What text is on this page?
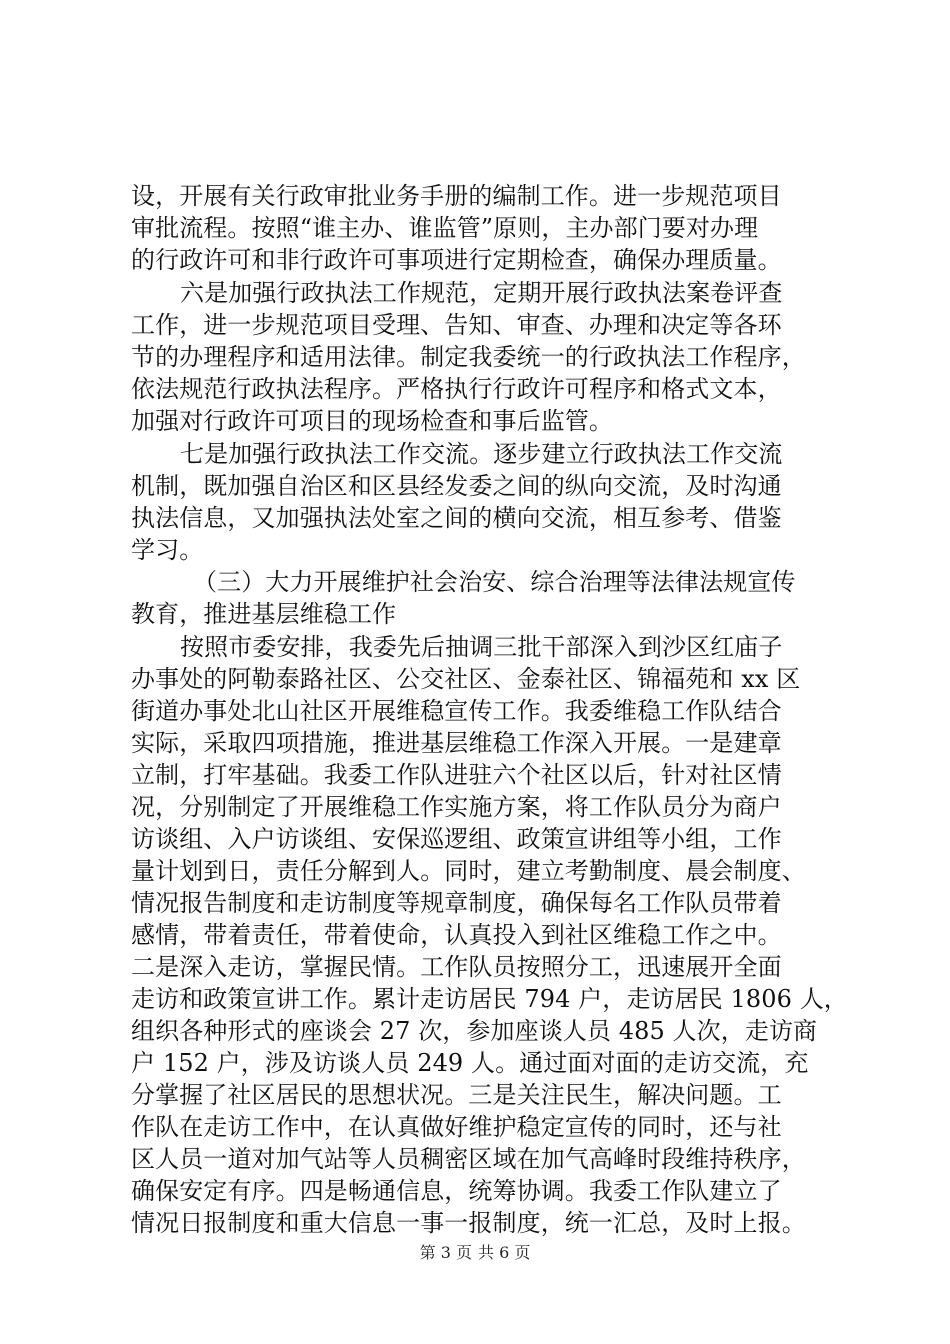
设，开展有关行政审批业务手册的编制工作。进一步规范项目
审批流程。按照“谁主办、谁监管”原则，主办部门要对办理
的行政许可和非行政许可事项进行定期检查，确保办理质量。
六是加强行政执法工作规范，定期开展行政执法案卷评查
工作，进一步规范项目受理、告知、审查、办理和决定等各环
节的办理程序和适用法律。制定我委统一的行政执法工作程序，
依法规范行政执法程序。严格执行行政许可程序和格式文本，
加强对行政许可项目的现场检查和事后监管。
七是加强行政执法工作交流。逐步建立行政执法工作交流
机制，既加强自治区和区县经发委之间的纵向交流，及时沟通
执法信息，又加强执法处室之间的横向交流，相互参考、借鉴
学习。
（三）大力开展维护社会治安、综合治理等法律法规宣传
教育，推进基层维稳工作
按照市委安排，我委先后抽调三批干部深入到沙区红庙子
办事处的阿勒泰路社区、公交社区、金泰社区、锦福苑和 xx 区
街道办事处北山社区开展维稳宣传工作。我委维稳工作队结合
实际，采取四项措施，推进基层维稳工作深入开展。一是建章
立制，打牢基础。我委工作队进驻六个社区以后，针对社区情
况，分别制定了开展维稳工作实施方案，将工作队员分为商户
访谈组、入户访谈组、安保巡逻组、政策宣讲组等小组，工作
量计划到日，责任分解到人。同时，建立考勤制度、晨会制度、
情况报告制度和走访制度等规章制度，确保每名工作队员带着
感情，带着责任，带着使命，认真投入到社区维稳工作之中。
二是深入走访，掌握民情。工作队员按照分工，迅速展开全面
走访和政策宣讲工作。累计走访居民 794 户，走访居民 1806 人，
组织各种形式的座谈会 27 次，参加座谈人员 485 人次，走访商
户 152 户，涉及访谈人员 249 人。通过面对面的走访交流，充
分掌握了社区居民的思想状况。三是关注民生，解决问题。工
作队在走访工作中，在认真做好维护稳定宣传的同时，还与社
区人员一道对加气站等人员稠密区域在加气高峰时段维持秩序，
确保安定有序。四是畅通信息，统筹协调。我委工作队建立了
情况日报制度和重大信息一事一报制度，统一汇总，及时上报。
第 3 页 共 6 页
